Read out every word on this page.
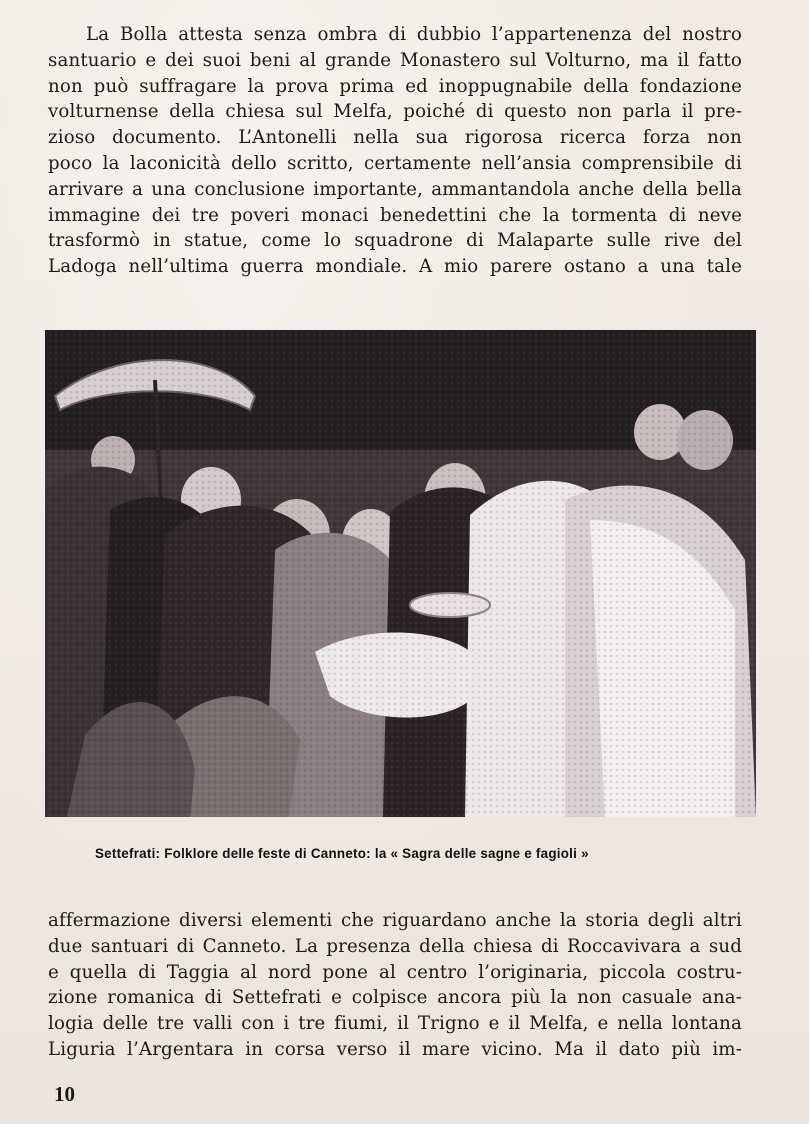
La Bolla attesta senza ombra di dubbio l’appartenenza del nostro
santuario e dei suoi beni al grande Monastero sul Volturno, ma il fatto
non può suffragare la prova prima ed inoppugnabile della fondazione
volturnense della chiesa sul Melfa, poiché di questo non parla il pre-
zioso documento. L’Antonelli nella sua rigorosa ricerca forza non
poco la laconicità dello scritto, certamente nell’ansia comprensibile di
arrivare a una conclusione importante, ammantandola anche della bella
immagine dei tre poveri monaci benedettini che la tormenta di neve
trasformò in statue, come lo squadrone di Malaparte sulle rive del
Ladoga nell’ultima guerra mondiale. A mio parere ostano a una tale
Settefrati: Folklore delle feste di Canneto: la « Sagra delle sagne e fagioli »
affermazione diversi elementi che riguardano anche la storia degli altri
due santuari di Canneto. La presenza della chiesa di Roccavivara a sud
e quella di Taggia al nord pone al centro l’originaria, piccola costru-
zione romanica di Settefrati e colpisce ancora più la non casuale ana-
logia delle tre valli con i tre fiumi, il Trigno e il Melfa, e nella lontana
Liguria l’Argentara in corsa verso il mare vicino. Ma il dato più im-
10
